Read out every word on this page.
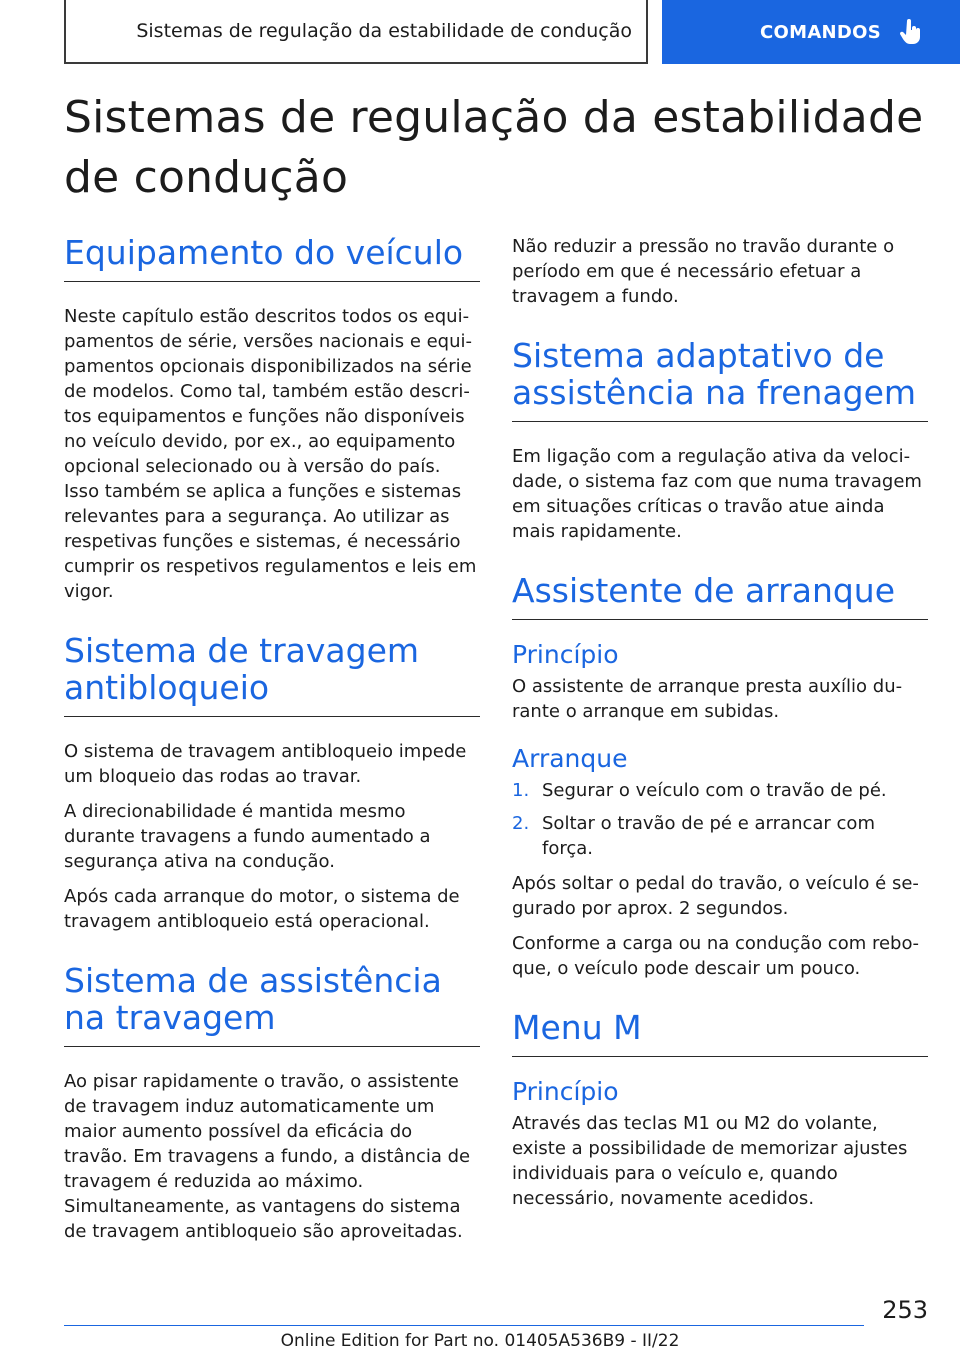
Sistemas de regulação da estabilidade de condução	COMANDOS
Sistemas de regulação da estabilidade de condução
Equipamento do veículo

Neste capítulo estão descritos todos os equipamentos de série, versões nacionais e equipamentos opcionais disponibilizados na série de modelos. Como tal, também estão descritos equipamentos e funções não disponíveis no veículo devido, por ex., ao equipamento opcional selecionado ou à versão do país. Isso também se aplica a funções e sistemas relevantes para a segurança. Ao utilizar as respetivas funções e sistemas, é necessário cumprir os respetivos regulamentos e leis em vigor.

Sistema de travagem antibloqueio

O sistema de travagem antibloqueio impede um bloqueio das rodas ao travar.

A direcionabilidade é mantida mesmo durante travagens a fundo aumentado a segurança ativa na condução.

Após cada arranque do motor, o sistema de travagem antibloqueio está operacional.

Sistema de assistência na travagem

Ao pisar rapidamente o travão, o assistente de travagem induz automaticamente um maior aumento possível da eficácia do travão. Em travagens a fundo, a distância de travagem é reduzida ao máximo. Simultaneamente, as vantagens do sistema de travagem antibloqueio são aproveitadas.

Não reduzir a pressão no travão durante o período em que é necessário efetuar a travagem a fundo.

Sistema adaptativo de assistência na frenagem

Em ligação com a regulação ativa da velocidade, o sistema faz com que numa travagem em situações críticas o travão atue ainda mais rapidamente.

Assistente de arranque
Princípio

O assistente de arranque presta auxílio durante o arranque em subidas.

Arranque
1. Segurar o veículo com o travão de pé.
2. Soltar o travão de pé e arrancar com força.

Após soltar o pedal do travão, o veículo é segurado por aprox. 2 segundos.

Conforme a carga ou na condução com reboque, o veículo pode descair um pouco.

Menu M
Princípio

Através das teclas M1 ou M2 do volante, existe a possibilidade de memorizar ajustes individuais para o veículo e, quando necessário, novamente acedidos.

253
Online Edition for Part no. 01405A536B9 - II/22
